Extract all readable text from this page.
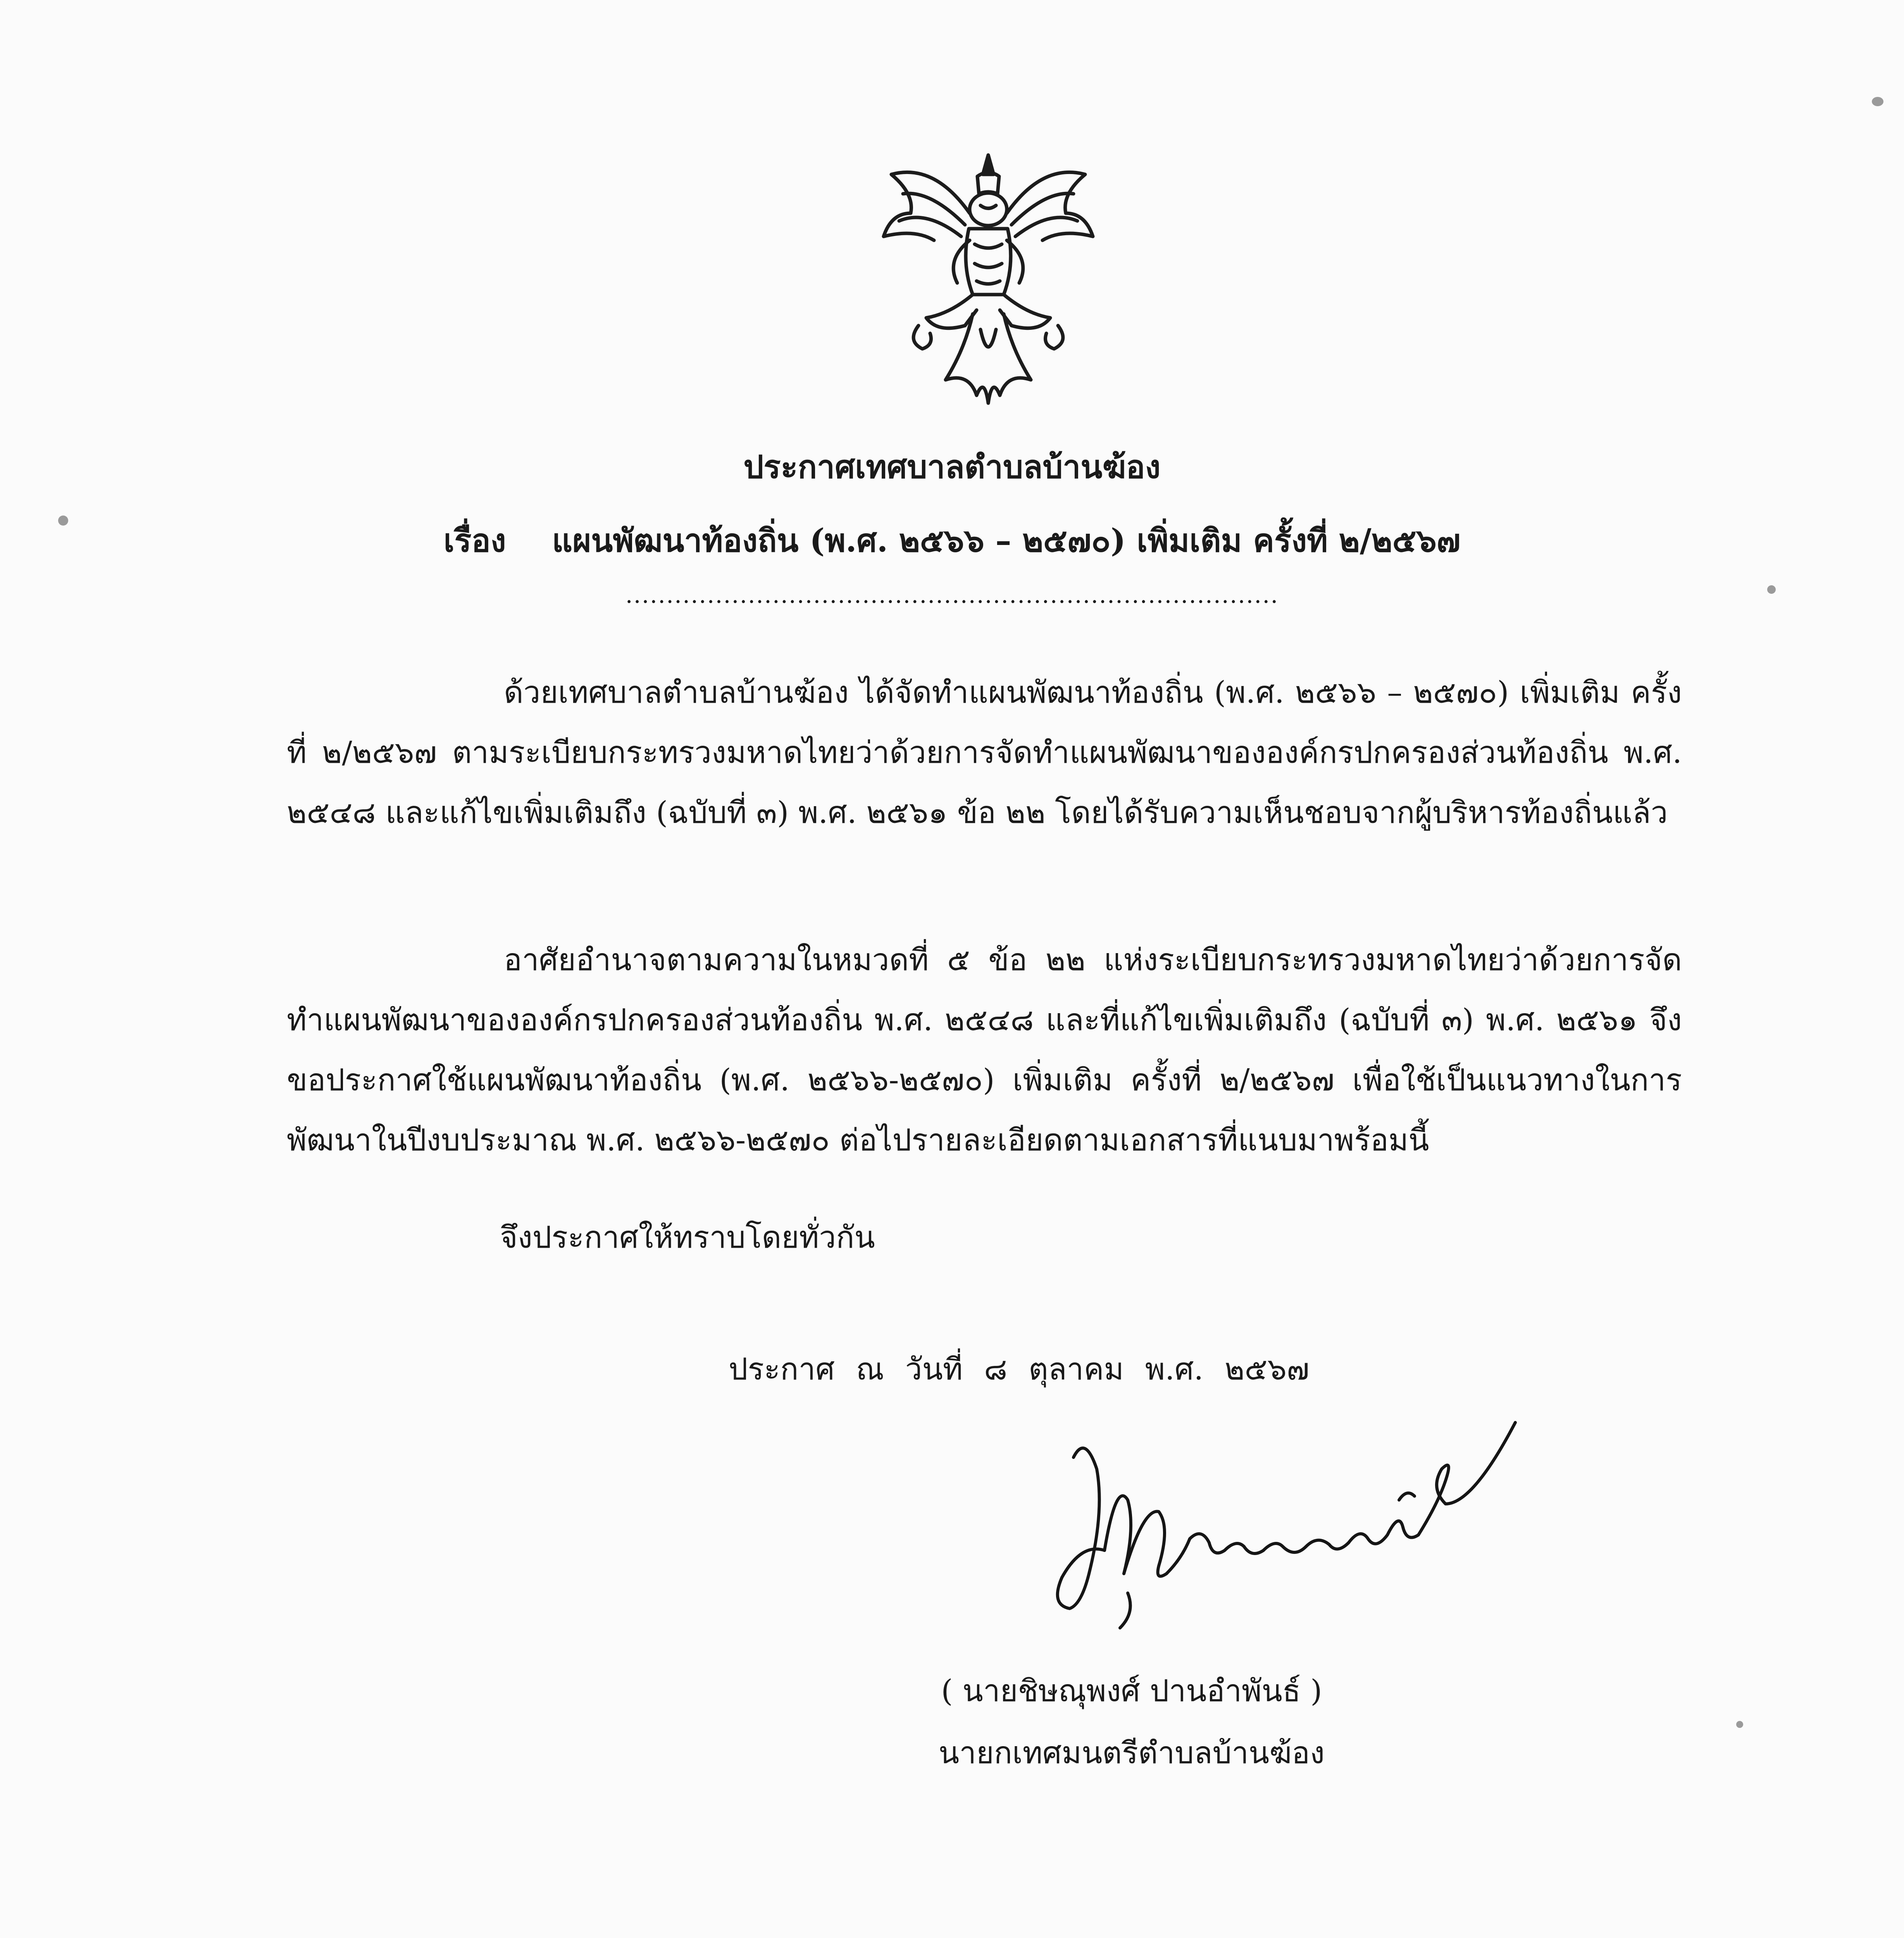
ประกาศเทศบาลตำบลบ้านฆ้อง
เรื่อง แผนพัฒนาท้องถิ่น (พ.ศ. ๒๕๖๖ – ๒๕๗๐) เพิ่มเติม ครั้งที่ ๒/๒๕๖๗
................................................................................

ด้วยเทศบาลตำบลบ้านฆ้อง ได้จัดทำแผนพัฒนาท้องถิ่น (พ.ศ. ๒๕๖๖ – ๒๕๗๐) เพิ่มเติม ครั้งที่ ๒/๒๕๖๗ ตามระเบียบกระทรวงมหาดไทยว่าด้วยการจัดทำแผนพัฒนาขององค์กรปกครองส่วนท้องถิ่น พ.ศ. ๒๕๔๘ และแก้ไขเพิ่มเติมถึง (ฉบับที่ ๓) พ.ศ. ๒๕๖๑ ข้อ ๒๒ โดยได้รับความเห็นชอบจากผู้บริหารท้องถิ่นแล้ว

อาศัยอำนาจตามความในหมวดที่ ๕ ข้อ ๒๒ แห่งระเบียบกระทรวงมหาดไทยว่าด้วยการจัดทำแผนพัฒนาขององค์กรปกครองส่วนท้องถิ่น พ.ศ. ๒๕๔๘ และที่แก้ไขเพิ่มเติมถึง (ฉบับที่ ๓) พ.ศ. ๒๕๖๑ จึงขอประกาศใช้แผนพัฒนาท้องถิ่น (พ.ศ. ๒๕๖๖-๒๕๗๐) เพิ่มเติม ครั้งที่ ๒/๒๕๖๗ เพื่อใช้เป็นแนวทางในการพัฒนาในปีงบประมาณ พ.ศ. ๒๕๖๖-๒๕๗๐ ต่อไปรายละเอียดตามเอกสารที่แนบมาพร้อมนี้

จึงประกาศให้ทราบโดยทั่วกัน
ประกาศ ณ วันที่ ๘ ตุลาคม พ.ศ. ๒๕๖๗
( นายชิษณุพงศ์ ปานอำพันธ์ )
นายกเทศมนตรีตำบลบ้านฆ้อง
